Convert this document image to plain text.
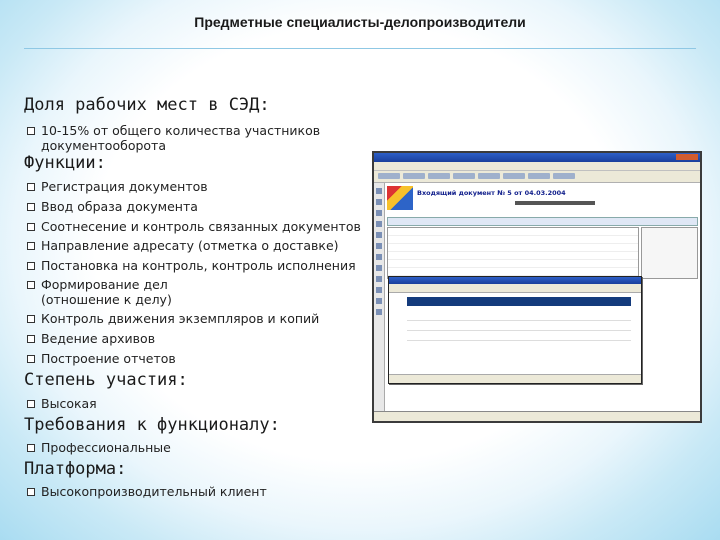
Предметные специалисты-делопроизводители
Доля рабочих мест в СЭД:
10-15% от общего количества участников
документооборота
Функции:
Регистрация документов
Ввод образа документа
Соотнесение и контроль связанных документов
Направление адресату (отметка о доставке)
Постановка на контроль, контроль исполнения
Формирование дел
(отношение к делу)
Контроль движения экземпляров и копий
Ведение архивов
Построение отчетов
Степень участия:
Высокая
Требования к функционалу:
Профессиональные
Платформа:
Высокопроизводительный клиент
Входящий документ № 5 от 04.03.2004
